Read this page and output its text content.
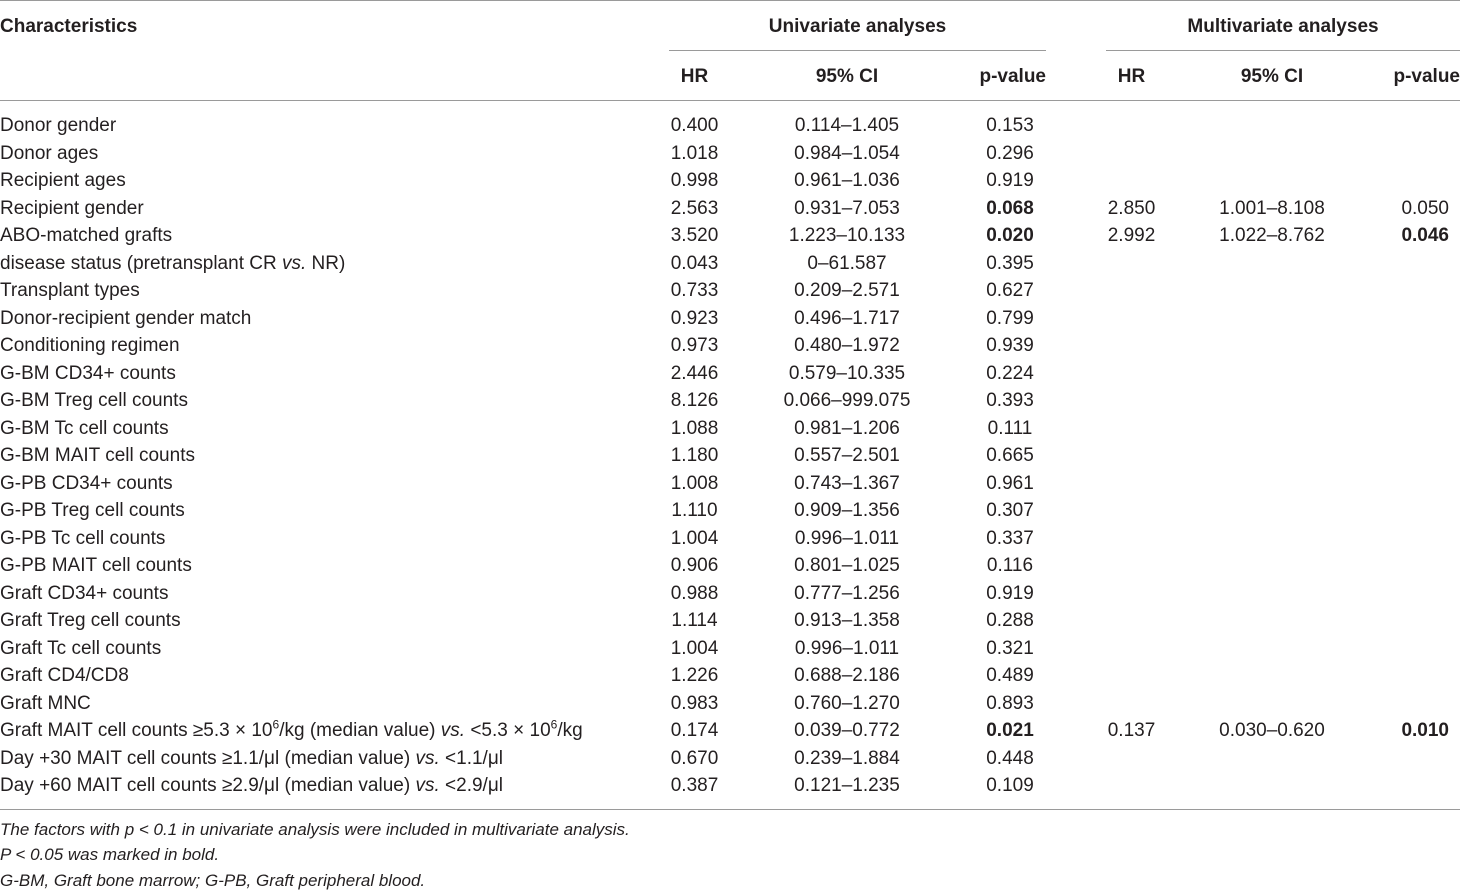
Characteristics	Univariate analyses	Multivariate analyses
HR	95% CI	p-value	HR	95% CI	p-value
Donor gender	0.400	0.114–1.405	0.153
Donor ages	1.018	0.984–1.054	0.296
Recipient ages	0.998	0.961–1.036	0.919
Recipient gender	2.563	0.931–7.053	0.068	2.850	1.001–8.108	0.050
ABO-matched grafts	3.520	1.223–10.133	0.020	2.992	1.022–8.762	0.046
disease status (pretransplant CR vs. NR)	0.043	0–61.587	0.395
Transplant types	0.733	0.209–2.571	0.627
Donor-recipient gender match	0.923	0.496–1.717	0.799
Conditioning regimen	0.973	0.480–1.972	0.939
G-BM CD34+ counts	2.446	0.579–10.335	0.224
G-BM Treg cell counts	8.126	0.066–999.075	0.393
G-BM Tc cell counts	1.088	0.981–1.206	0.111
G-BM MAIT cell counts	1.180	0.557–2.501	0.665
G-PB CD34+ counts	1.008	0.743–1.367	0.961
G-PB Treg cell counts	1.110	0.909–1.356	0.307
G-PB Tc cell counts	1.004	0.996–1.011	0.337
G-PB MAIT cell counts	0.906	0.801–1.025	0.116
Graft CD34+ counts	0.988	0.777–1.256	0.919
Graft Treg cell counts	1.114	0.913–1.358	0.288
Graft Tc cell counts	1.004	0.996–1.011	0.321
Graft CD4/CD8	1.226	0.688–2.186	0.489
Graft MNC	0.983	0.760–1.270	0.893
Graft MAIT cell counts $\ge 5.3 \times 10^6/kg$ (median value) vs. $<5.3 \times 10^6/kg$	0.174	0.039–0.772	0.021	0.137	0.030–0.620	0.010
Day +30 MAIT cell counts ≥1.1/μl (median value) vs. <1.1/μl	0.670	0.239–1.884	0.448
Day +60 MAIT cell counts ≥2.9/μl (median value) vs. <2.9/μl	0.387	0.121–1.235	0.109
The factors with p < 0.1 in univariate analysis were included in multivariate analysis.
P < 0.05 was marked in bold.
G-BM, Graft bone marrow; G-PB, Graft peripheral blood.
